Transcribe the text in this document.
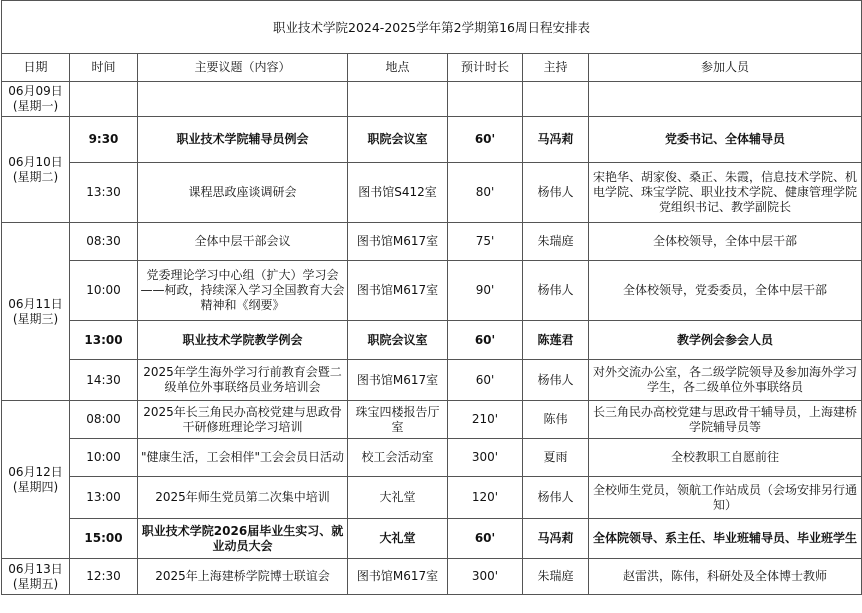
职业技术学院2024-2025学年第2学期第16周日程安排表						
日期	时间	主要议题（内容）	地点	预计时长	主持	参加人员

06月09日
(星期一)						

06月10日
(星期二)	9:30	职业技术学院辅导员例会	职院会议室	60'	马冯莉	党委书记、全体辅导员
	13:30	课程思政座谈调研会	图书馆S412室	80'	杨伟人	宋艳华、胡家俊、桑正、朱霞，信息技术学院、机电学院、珠宝学院、职业技术学院、健康管理学院党组织书记、教学副院长

06月11日
(星期三)	08:30	全体中层干部会议	图书馆M617室	75'	朱瑞庭	全体校领导，全体中层干部
	10:00	党委理论学习中心组（扩大）学习会——柯政，持续深入学习全国教育大会精神和《纲要》	图书馆M617室	90'	杨伟人	全体校领导，党委委员，全体中层干部
	13:00	职业技术学院教学例会	职院会议室	60'	陈莲君	教学例会参会人员
	14:30	2025年学生海外学习行前教育会暨二级单位外事联络员业务培训会	图书馆M617室	60'	杨伟人	对外交流办公室，各二级学院领导及参加海外学习学生，各二级单位外事联络员

06月12日
(星期四)	08:00	2025年长三角民办高校党建与思政骨干研修班理论学习培训	珠宝四楼报告厅室	210'	陈伟	长三角民办高校党建与思政骨干辅导员，上海建桥学院辅导员等
	10:00	"健康生活，工会相伴"工会会员日活动	校工会活动室	300'	夏雨	全校教职工自愿前往
	13:00	2025年师生党员第二次集中培训	大礼堂	120'	杨伟人	全校师生党员，领航工作站成员（会场安排另行通知）
	15:00	职业技术学院2026届毕业生实习、就业动员大会	大礼堂	60'	马冯莉	全体院领导、系主任、毕业班辅导员、毕业班学生

06月13日
(星期五)	12:30	2025年上海建桥学院博士联谊会	图书馆M617室	300'	朱瑞庭	赵雷洪，陈伟，科研处及全体博士教师
